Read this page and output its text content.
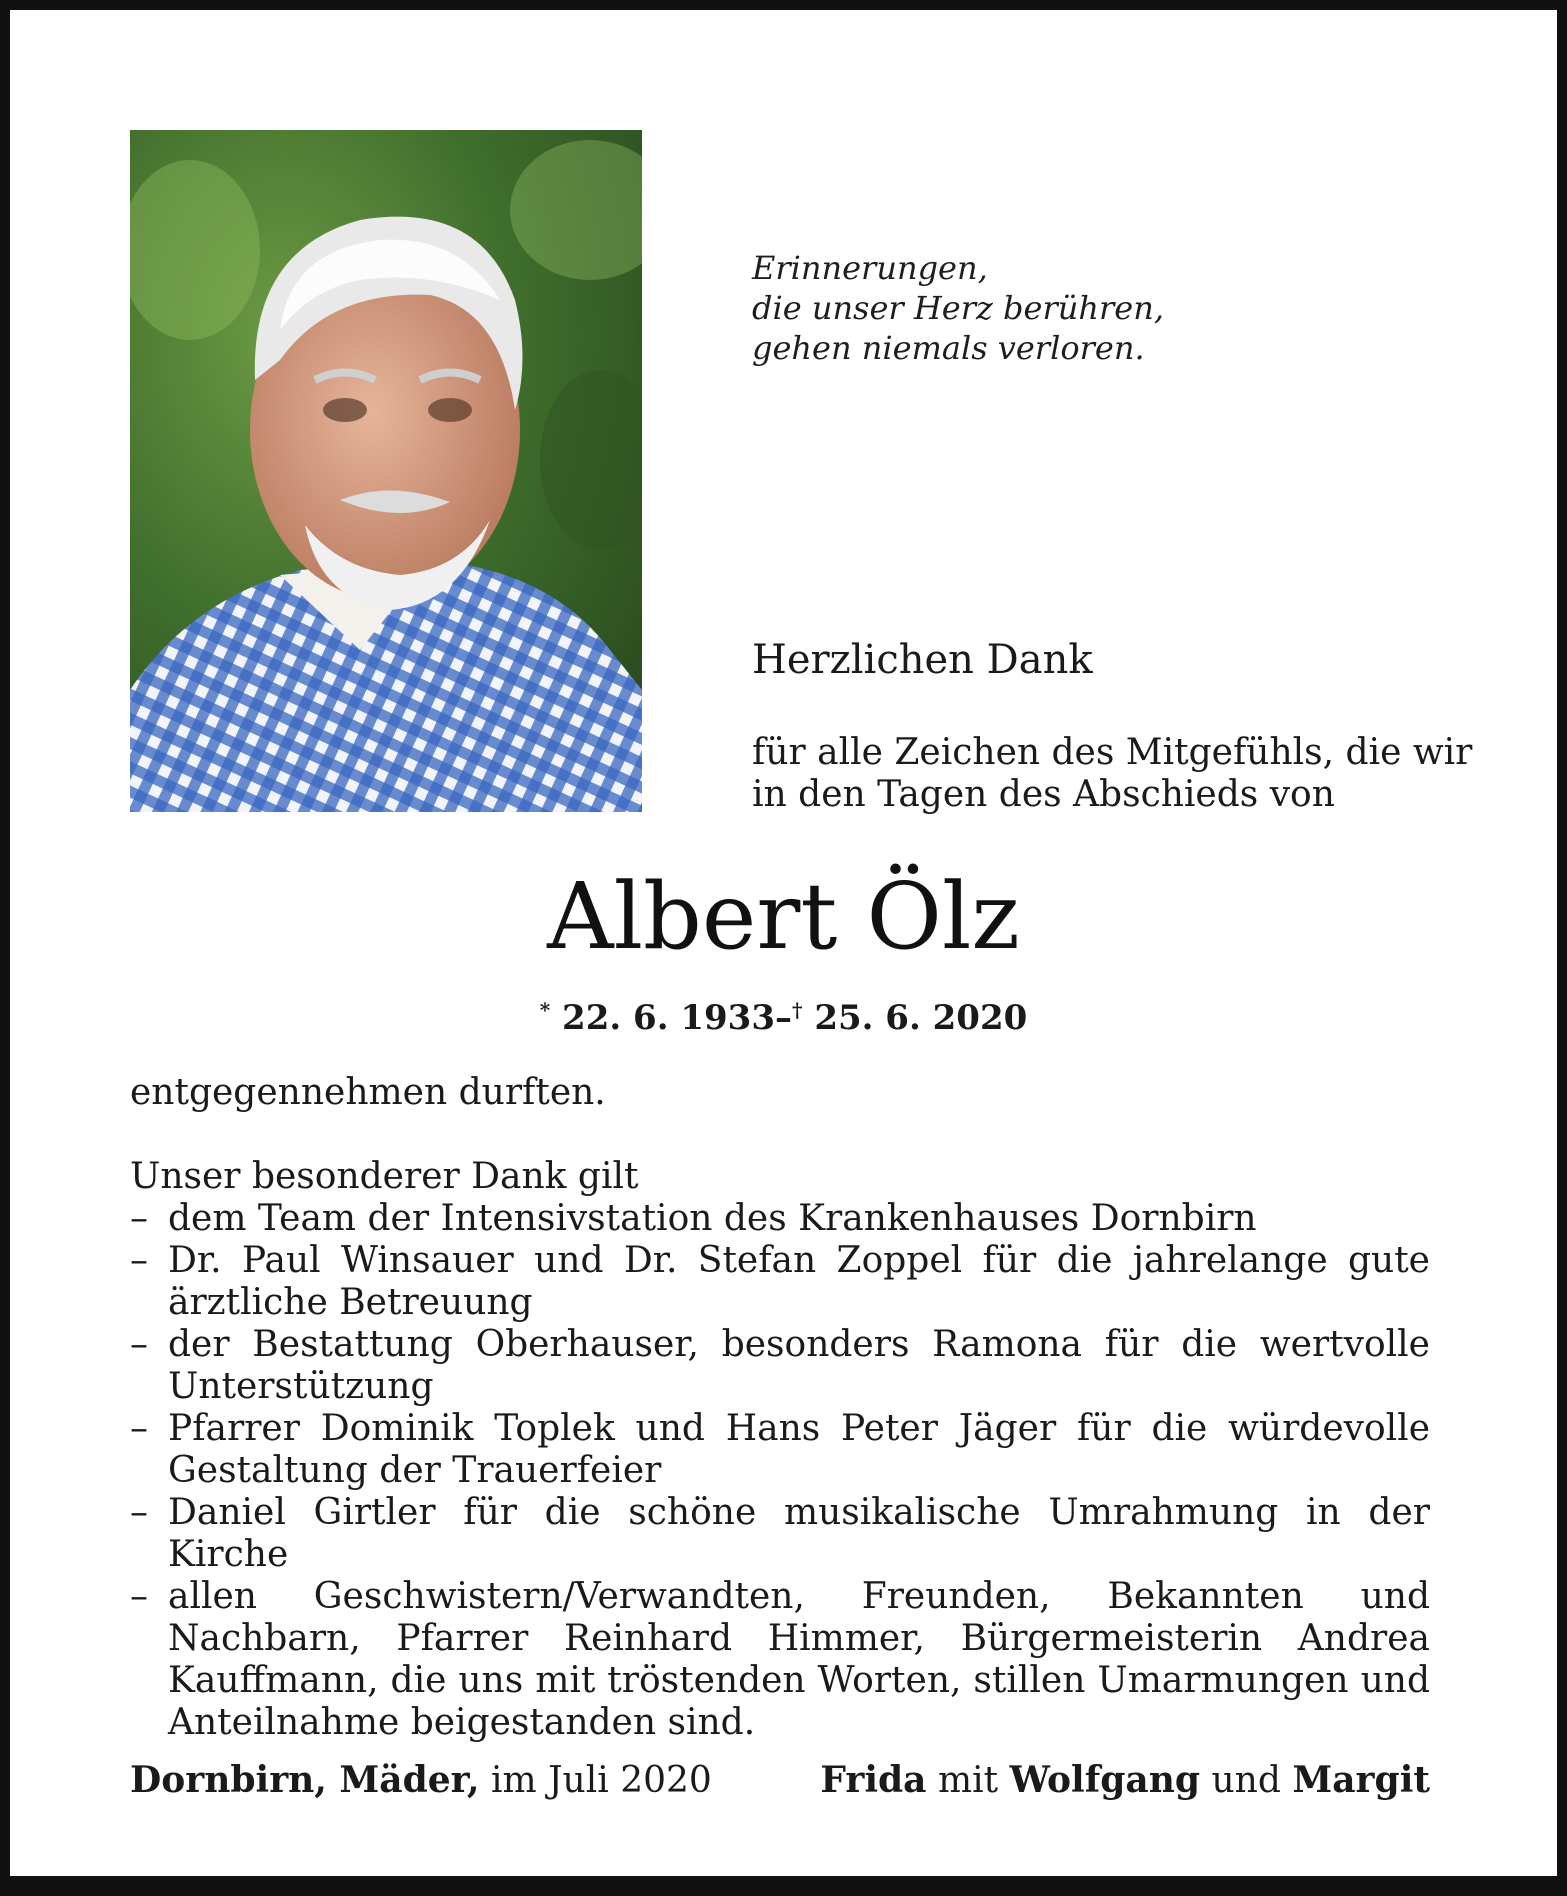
Erinnerungen,
die unser Herz berühren,
gehen niemals verloren.
Herzlichen Dank
für alle Zeichen des Mitgefühls, die wir
in den Tagen des Abschieds von
Albert Ölz
* 22. 6. 1933–† 25. 6. 2020

entgegennehmen durften.

Unser besonderer Dank gilt

– dem Team der Intensivstation des Krankenhauses Dornbirn
– Dr. Paul Winsauer und Dr. Stefan Zoppel für die jahrelange gute ärztliche Betreuung
– der Bestattung Oberhauser, besonders Ramona für die wertvolle Unterstützung
– Pfarrer Dominik Toplek und Hans Peter Jäger für die würdevolle Gestaltung der Trauerfeier
– Daniel Girtler für die schöne musikalische Umrahmung in der Kirche
– allen Geschwistern/Verwandten, Freunden, Bekannten und Nachbarn, Pfarrer Reinhard Himmer, Bürgermeisterin Andrea Kauffmann, die uns mit tröstenden Worten, stillen Umarmungen und Anteilnahme beigestanden sind.
Dornbirn, Mäder, im Juli 2020	Frida mit Wolfgang und Margit
